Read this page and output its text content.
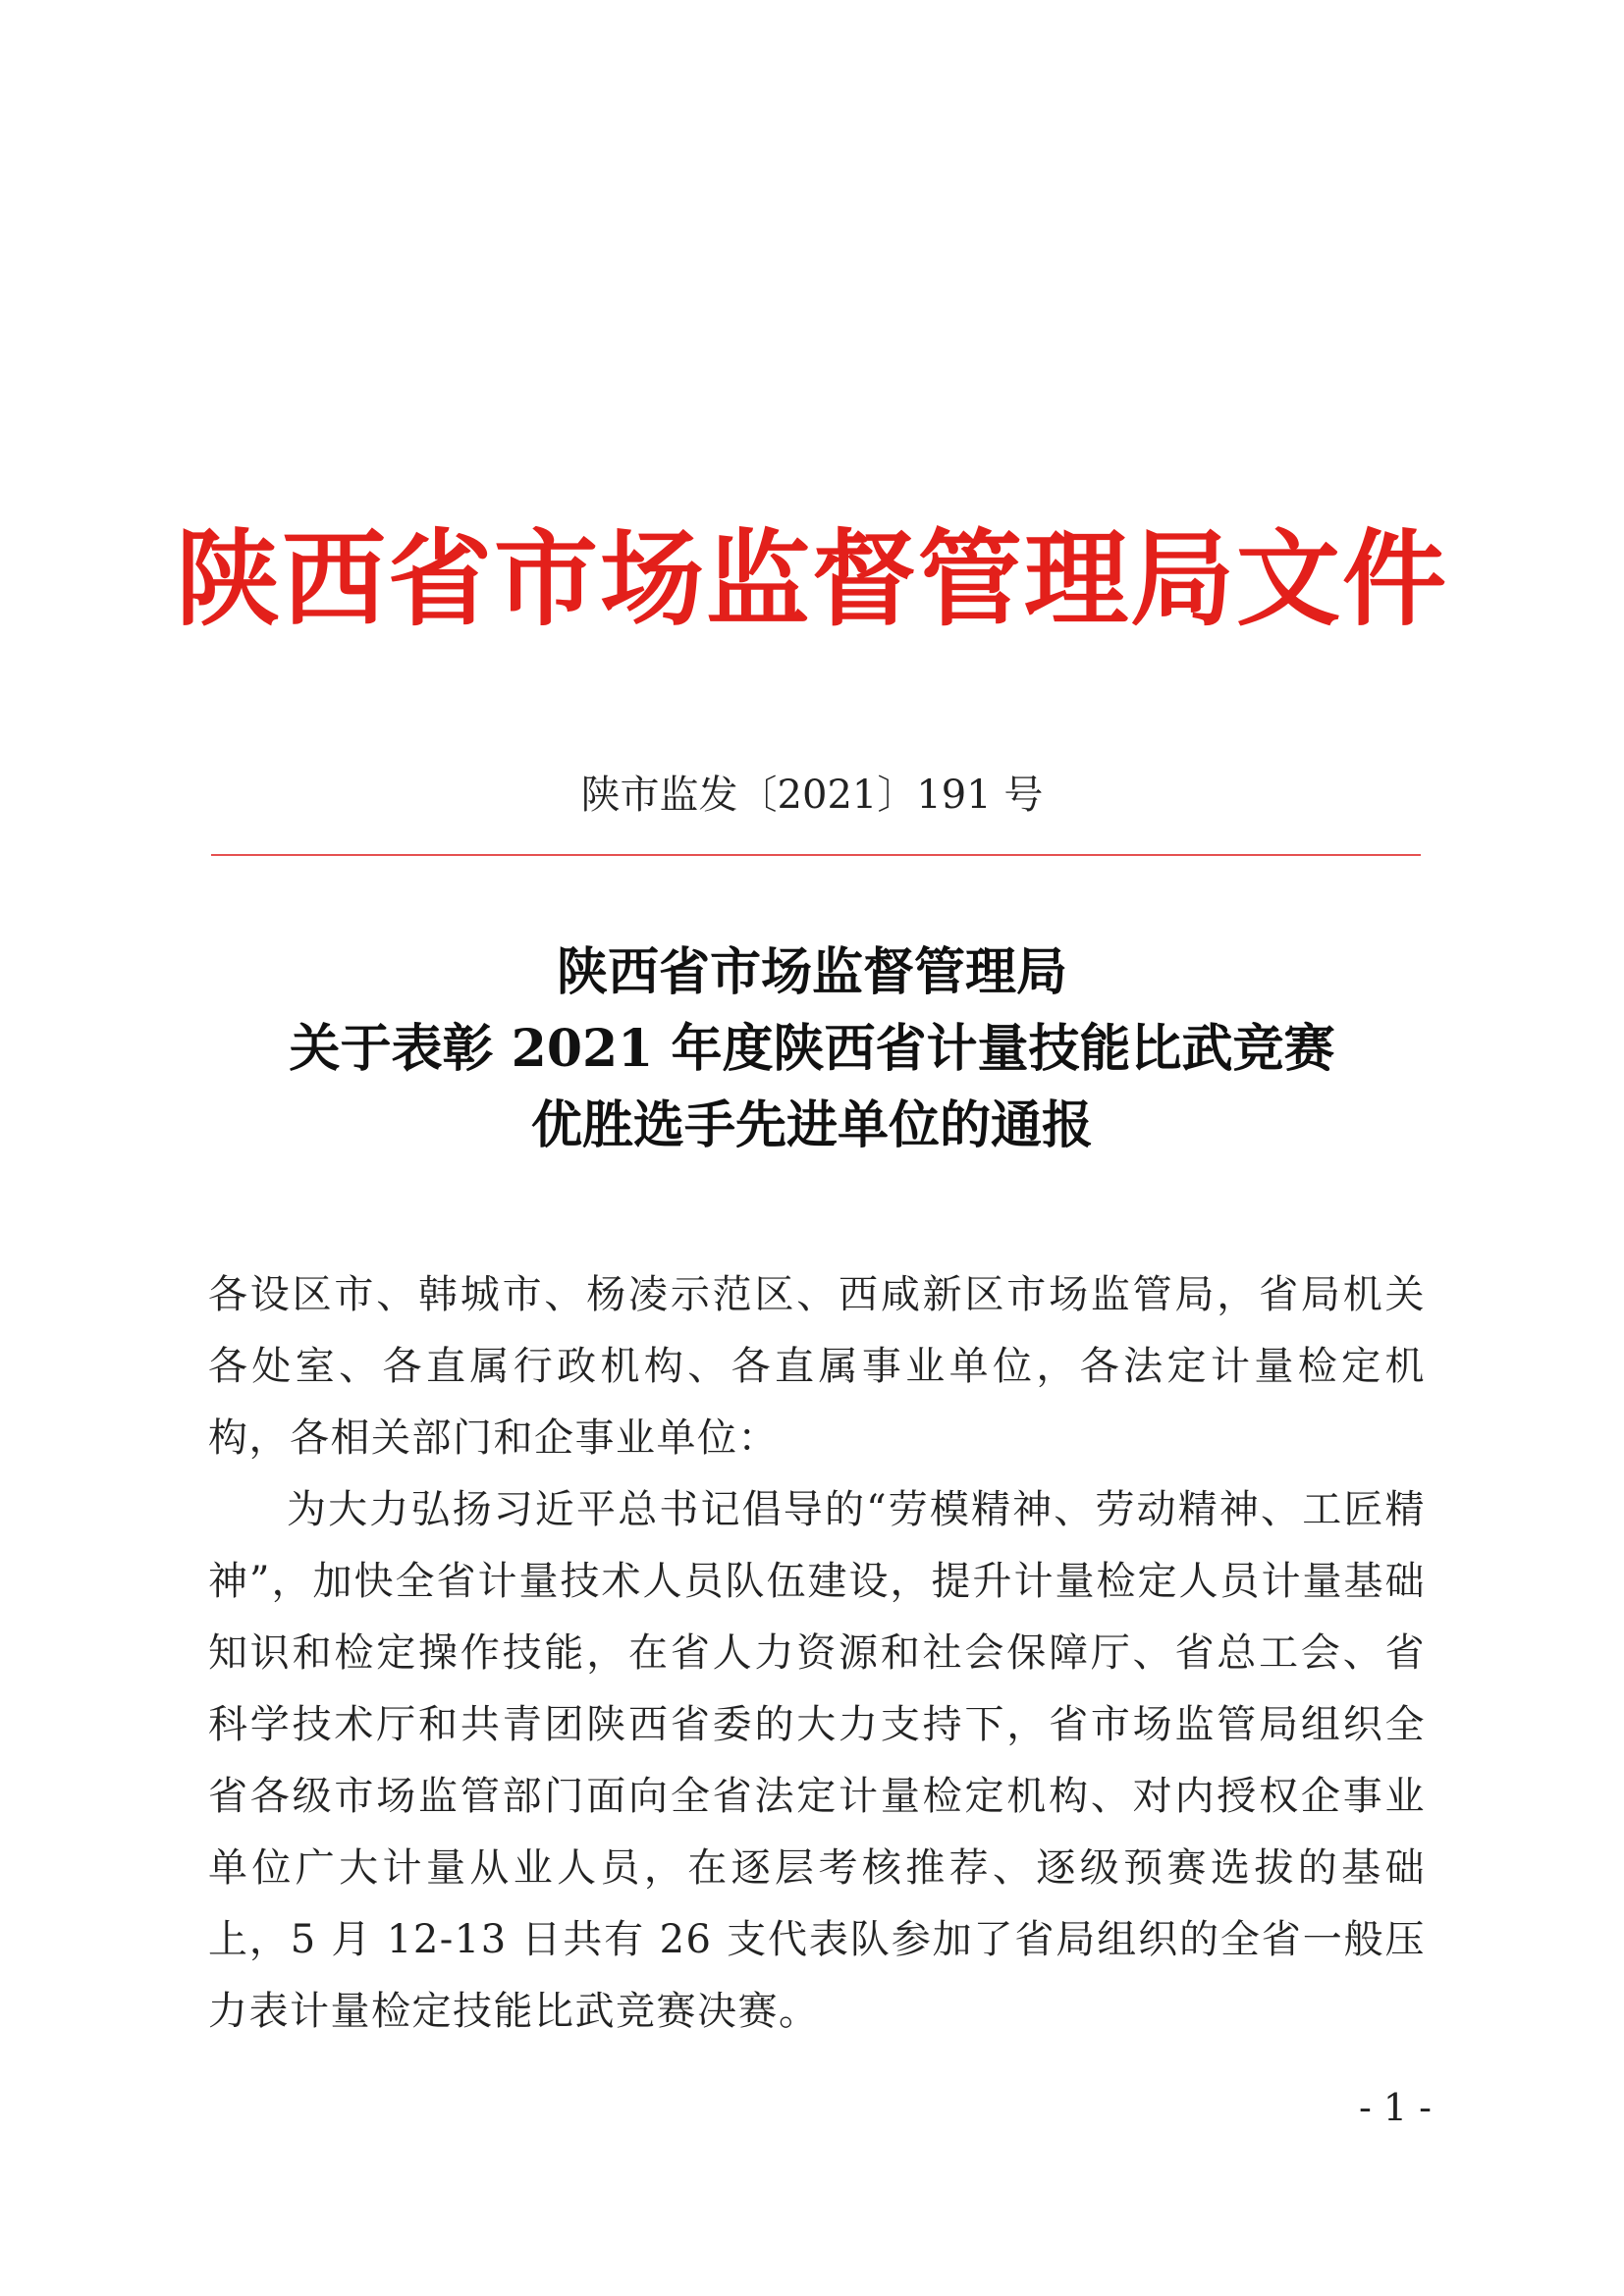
陕西省市场监督管理局文件
陕市监发〔2021〕191 号
陕西省市场监督管理局
关于表彰 2021 年度陕西省计量技能比武竞赛
优胜选手先进单位的通报

各设区市、韩城市、杨凌示范区、西咸新区市场监管局，省局机关各处室、各直属行政机构、各直属事业单位，各法定计量检定机构，各相关部门和企事业单位：

为大力弘扬习近平总书记倡导的“劳模精神、劳动精神、工匠精神”，加快全省计量技术人员队伍建设，提升计量检定人员计量基础知识和检定操作技能，在省人力资源和社会保障厅、省总工会、省科学技术厅和共青团陕西省委的大力支持下，省市场监管局组织全省各级市场监管部门面向全省法定计量检定机构、对内授权企事业单位广大计量从业人员，在逐层考核推荐、逐级预赛选拔的基础上，5 月 12-13 日共有 26 支代表队参加了省局组织的全省一般压力表计量检定技能比武竞赛决赛。

- 1 -
